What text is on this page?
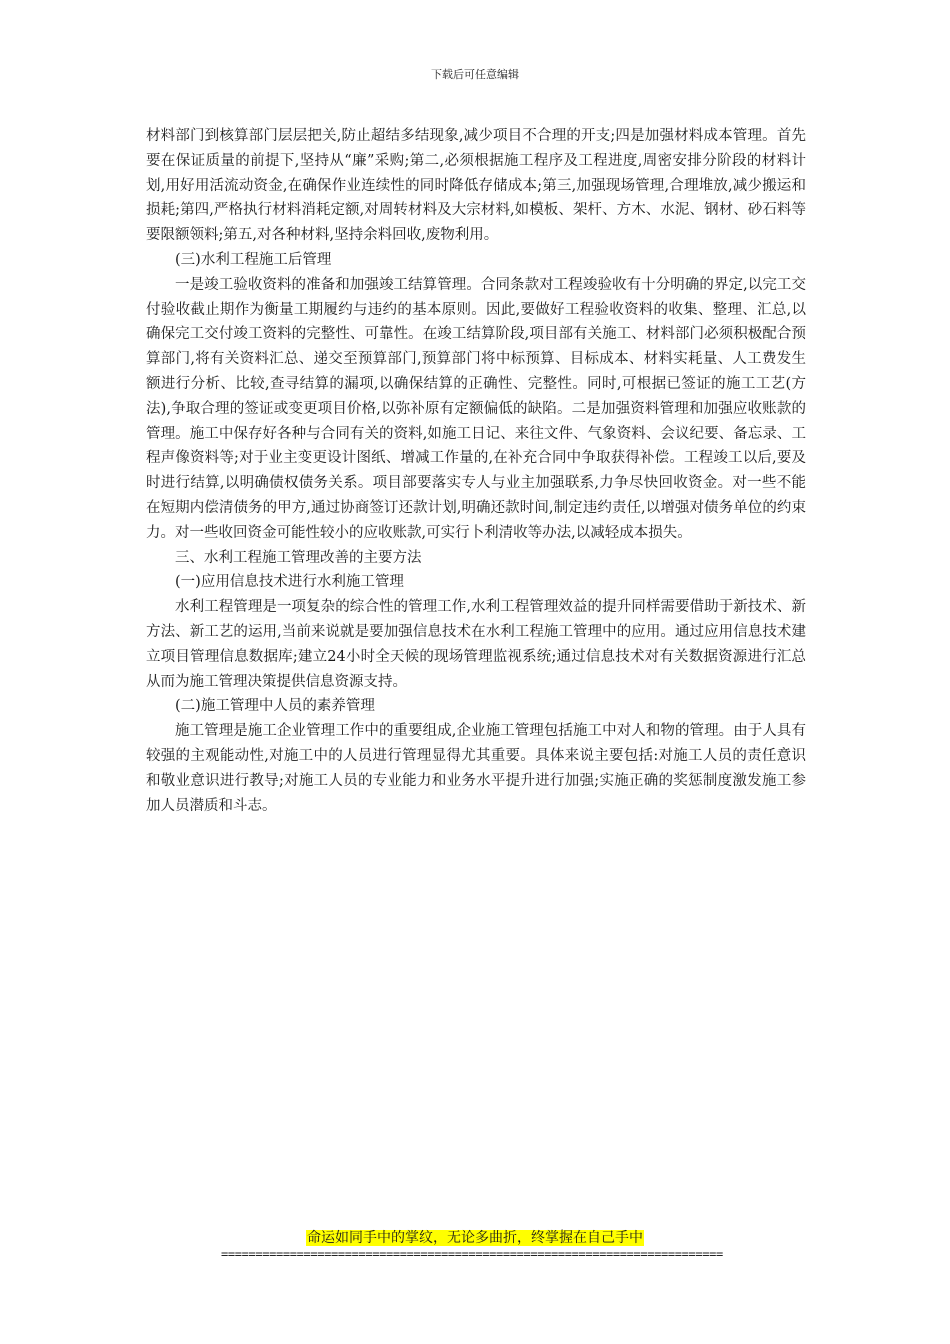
下载后可任意编辑

材料部门到核算部门层层把关,防止超结多结现象,减少项目不合理的开支;四是加强材料成本管理。首先要在保证质量的前提下,坚持从“廉”采购;第二,必须根据施工程序及工程进度,周密安排分阶段的材料计划,用好用活流动资金,在确保作业连续性的同时降低存储成本;第三,加强现场管理,合理堆放,减少搬运和损耗;第四,严格执行材料消耗定额,对周转材料及大宗材料,如模板、架杆、方木、水泥、钢材、砂石料等要限额领料;第五,对各种材料,坚持余料回收,废物利用。

(三)水利工程施工后管理

一是竣工验收资料的准备和加强竣工结算管理。合同条款对工程竣验收有十分明确的界定,以完工交付验收截止期作为衡量工期履约与违约的基本原则。因此,要做好工程验收资料的收集、整理、汇总,以确保完工交付竣工资料的完整性、可靠性。在竣工结算阶段,项目部有关施工、材料部门必须积极配合预算部门,将有关资料汇总、递交至预算部门,预算部门将中标预算、目标成本、材料实耗量、人工费发生额进行分析、比较,查寻结算的漏项,以确保结算的正确性、完整性。同时,可根据已签证的施工工艺(方法),争取合理的签证或变更项目价格,以弥补原有定额偏低的缺陷。二是加强资料管理和加强应收账款的管理。施工中保存好各种与合同有关的资料,如施工日记、来往文件、气象资料、会议纪要、备忘录、工程声像资料等;对于业主变更设计图纸、增减工作量的,在补充合同中争取获得补偿。工程竣工以后,要及时进行结算,以明确债权债务关系。项目部要落实专人与业主加强联系,力争尽快回收资金。对一些不能在短期内偿清债务的甲方,通过协商签订还款计划,明确还款时间,制定违约责任,以增强对债务单位的约束力。对一些收回资金可能性较小的应收账款,可实行卜利清收等办法,以减轻成本损失。

三、水利工程施工管理改善的主要方法

(一)应用信息技术进行水利施工管理

水利工程管理是一项复杂的综合性的管理工作,水利工程管理效益的提升同样需要借助于新技术、新方法、新工艺的运用,当前来说就是要加强信息技术在水利工程施工管理中的应用。通过应用信息技术建立项目管理信息数据库;建立24小时全天候的现场管理监视系统;通过信息技术对有关数据资源进行汇总从而为施工管理决策提供信息资源支持。

(二)施工管理中人员的素养管理

施工管理是施工企业管理工作中的重要组成,企业施工管理包括施工中对人和物的管理。由于人具有较强的主观能动性,对施工中的人员进行管理显得尤其重要。具体来说主要包括:对施工人员的责任意识和敬业意识进行教导;对施工人员的专业能力和业务水平提升进行加强;实施正确的奖惩制度激发施工参加人员潜质和斗志。

命运如同手中的掌纹，无论多曲折，终掌握在自己手中
=========================================================================
